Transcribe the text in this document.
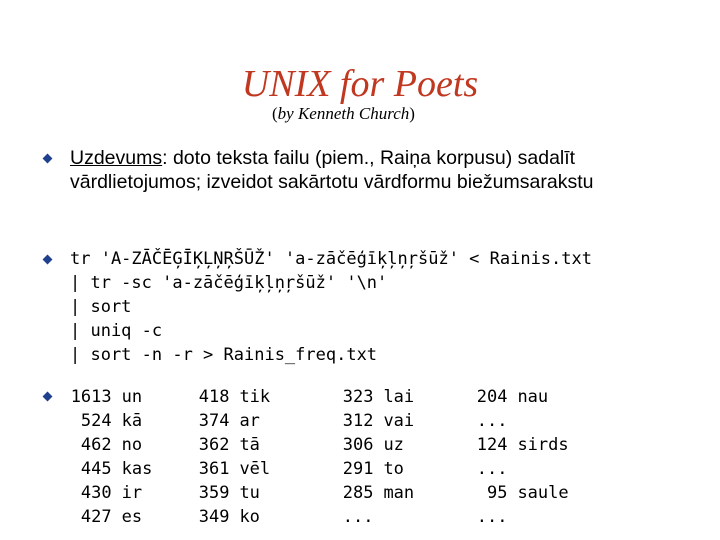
UNIX for Poets
(by Kenneth Church)
Uzdevums: doto teksta failu (piem., Raiņa korpusu) sadalīt vārdlietojumos; izveidot sakārtotu vārdformu biežumsarakstu
tr 'A-ZĀČĒĢĪĶĻŅŖŠŪŽ' 'a-zāčēģīķļņŗšūž' < Rainis.txt
| tr -sc 'a-zāčēģīķļņŗšūž' '\n'
| sort
| uniq -c
| sort -n -r > Rainis_freq.txt
1613 un
524 kā
462 no
445 kas
430 ir
427 es
418 tik
374 ar
362 tā
361 vēl
359 tu
349 ko
323 lai
312 vai
306 uz
291 to
285 man
...
204 nau
...
124 sirds
...
95 saule
...
